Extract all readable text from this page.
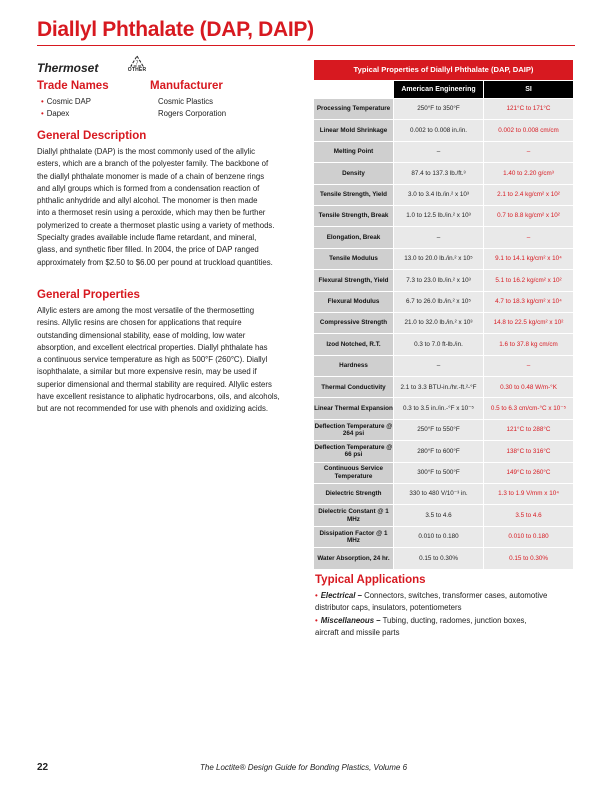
Diallyl Phthalate (DAP, DAIP)
Thermoset	7
OTHER
Trade Names	Manufacturer
• Cosmic DAP
• Dapex
Cosmic Plastics
Rogers Corporation
General Description
Diallyl phthalate (DAP) is the most commonly used of the allylic
esters, which are a branch of the polyester family. The backbone of
the diallyl phthalate monomer is made of a chain of benzene rings
and allyl groups which is formed from a condensation reaction of
phthalic anhydride and allyl alcohol. The monomer is then made
into a thermoset resin using a peroxide, which may then be further
polymerized to create a thermoset plastic using a variety of methods.
Specialty grades available include flame retardant, and mineral,
glass, and synthetic fiber filled. In 2004, the price of DAP ranged
approximately from $2.50 to $6.00 per pound at truckload quantities.
General Properties
Allylic esters are among the most versatile of the thermosetting
resins. Allylic resins are chosen for applications that require
outstanding dimensional stability, ease of molding, low water
absorption, and excellent electrical properties. Diallyl phthalate has
a continuous service temperature as high as 500°F (260°C). Diallyl
isophthalate, a similar but more expensive resin, may be used if
superior dimensional and thermal stability are required. Allylic esters
have excellent resistance to aliphatic hydrocarbons, oils, and alcohols,
but are not recommended for use with phenols and oxidizing acids.
Typical Properties of Diallyl Phthalate (DAP, DAIP)		
	American Engineering	SI
Processing Temperature	250°F to 350°F	121°C to 171°C
Linear Mold Shrinkage	0.002 to 0.008 in./in.	0.002 to 0.008 cm/cm
Melting Point	–	–
Density	87.4 to 137.3 lb./ft.³	1.40 to 2.20 g/cm³
Tensile Strength, Yield	3.0 to 3.4 lb./in.² x 10³	2.1 to 2.4 kg/cm² x 10²
Tensile Strength, Break	1.0 to 12.5 lb./in.² x 10³	0.7 to 8.8 kg/cm² x 10²
Elongation, Break	–	–
Tensile Modulus	13.0 to 20.0 lb./in.² x 10⁵	9.1 to 14.1 kg/cm² x 10⁴
Flexural Strength, Yield	7.3 to 23.0 lb./in.² x 10³	5.1 to 16.2 kg/cm² x 10²
Flexural Modulus	6.7 to 26.0 lb./in.² x 10⁵	4.7 to 18.3 kg/cm² x 10⁴
Compressive Strength	21.0 to 32.0 lb./in.² x 10³	14.8 to 22.5 kg/cm² x 10²
Izod Notched, R.T.	0.3 to 7.0 ft-lb./in.	1.6 to 37.8 kg cm/cm
Hardness	–	–
Thermal Conductivity	2.1 to 3.3 BTU-in./hr.-ft.²-°F	0.30 to 0.48 W/m-°K
Linear Thermal Expansion	0.3 to 3.5 in./in.-°F x 10⁻⁵	0.5 to 6.3 cm/cm-°C x 10⁻⁵
Deflection Temperature @ 264 psi	250°F to 550°F	121°C to 288°C
Deflection Temperature @ 66 psi	280°F to 600°F	138°C to 316°C
Continuous Service Temperature	300°F to 500°F	149°C to 260°C
Dielectric Strength	330 to 480 V/10⁻³ in.	1.3 to 1.9 V/mm x 10⁴
Dielectric Constant @ 1 MHz	3.5 to 4.6	3.5 to 4.6
Dissipation Factor @ 1 MHz	0.010 to 0.180	0.010 to 0.180
Water Absorption, 24 hr.	0.15 to 0.30%	0.15 to 0.30%
Typical Applications
• Electrical – Connectors, switches, transformer cases, automotive
distributor caps, insulators, potentiometers
• Miscellaneous – Tubing, ducting, radomes, junction boxes,
aircraft and missile parts
22	The Loctite® Design Guide for Bonding Plastics, Volume 6
